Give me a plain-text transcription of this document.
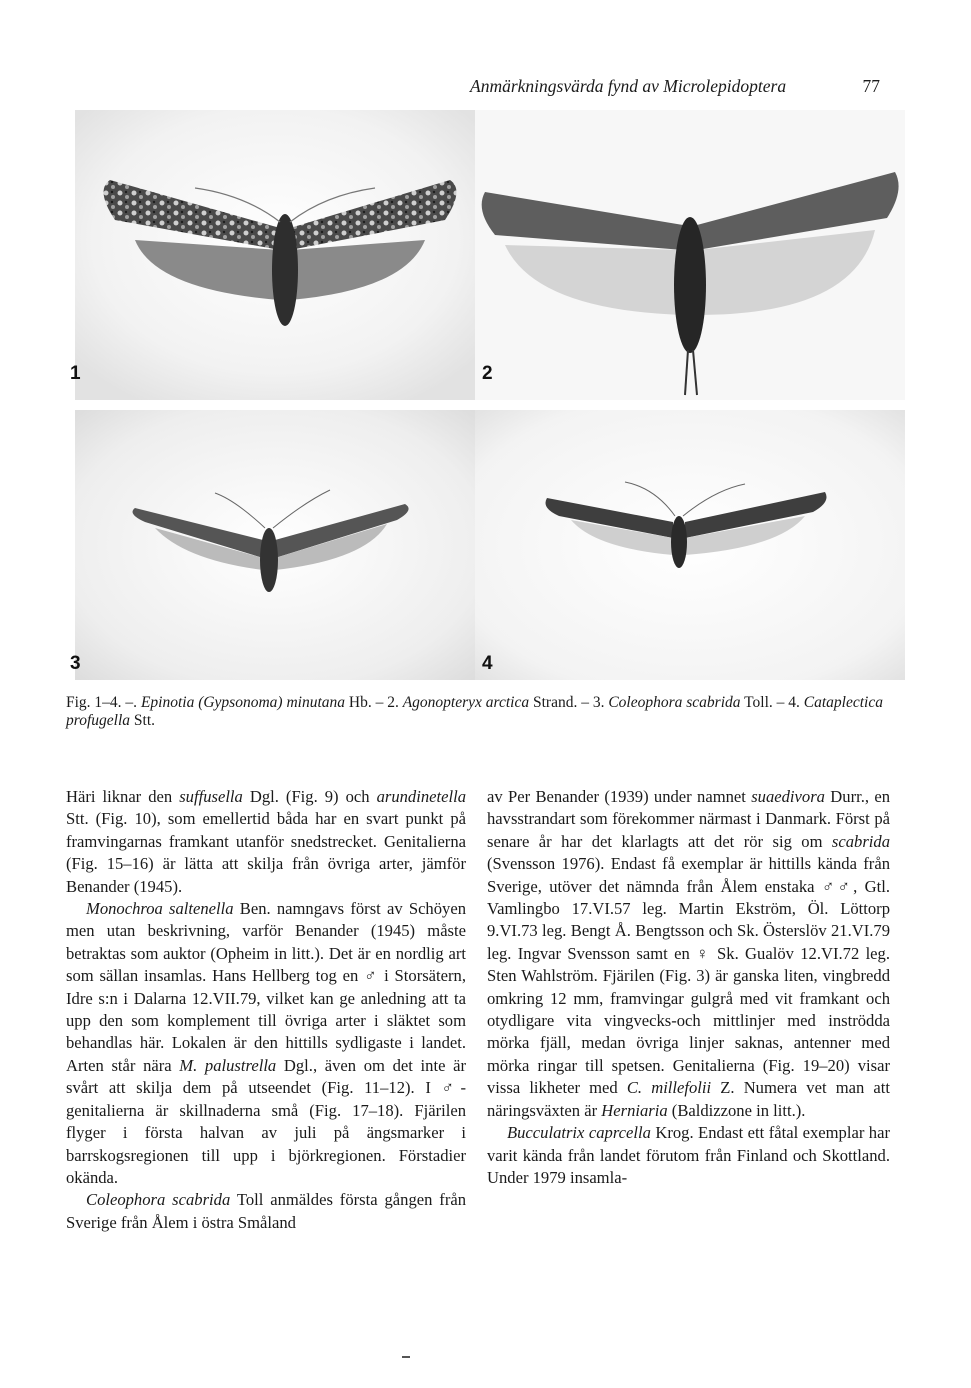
Anmärkningsvärda fynd av Microlepidoptera	77
1	2
3	4
Fig. 1–4. –. Epinotia (Gypsonoma) minutana Hb. – 2. Agonopteryx arctica Strand. – 3. Coleophora scabrida Toll. – 4. Cataplectica profugella Stt.

Häri liknar den suffusella Dgl. (Fig. 9) och arundinetella Stt. (Fig. 10), som emellertid båda har en svart punkt på framvingarnas framkant utanför snedstrecket. Genitalierna (Fig. 15–16) är lätta att skilja från övriga arter, jämför Benander (1945).

Monochroa saltenella Ben. namngavs först av Schöyen men utan beskrivning, varför Benander (1945) måste betraktas som auktor (Opheim in litt.). Det är en nordlig art som sällan insamlas. Hans Hellberg tog en ♂ i Storsätern, Idre s:n i Dalarna 12.VII.79, vilket kan ge anledning att ta upp den som komplement till övriga arter i släktet som behandlas här. Lokalen är den hittills sydligaste i landet. Arten står nära M. palustrella Dgl., även om det inte är svårt att skilja dem på utseendet (Fig. 11–12). I ♂-genitalierna är skillnaderna små (Fig. 17–18). Fjärilen flyger i första halvan av juli på ängsmarker i barrskogsregionen till upp i björkregionen. Förstadier okända.

Coleophora scabrida Toll anmäldes första gången från Sverige från Ålem i östra Småland

av Per Benander (1939) under namnet suaedivora Durr., en havsstrandart som förekommer närmast i Danmark. Först på senare år har det klarlagts att det rör sig om scabrida (Svensson 1976). Endast få exemplar är hittills kända från Sverige, utöver det nämnda från Ålem enstaka ♂♂, Gtl. Vamlingbo 17.VI.57 leg. Martin Ekström, Öl. Löttorp 9.VI.73 leg. Bengt Å. Bengtsson och Sk. Österslöv 21.VI.79 leg. Ingvar Svensson samt en ♀ Sk. Gualöv 12.VI.72 leg. Sten Wahlström. Fjärilen (Fig. 3) är ganska liten, vingbredd omkring 12 mm, framvingar gulgrå med vit framkant och otydligare vita vingvecks-och mittlinjer med inströdda mörka fjäll, medan övriga linjer saknas, antenner med mörka ringar till spetsen. Genitalierna (Fig. 19–20) visar vissa likheter med C. millefolii Z. Numera vet man att näringsväxten är Herniaria (Baldizzone in litt.).

Bucculatrix caprcella Krog. Endast ett fåtal exemplar har varit kända från landet förutom från Finland och Skottland. Under 1979 insamla-
